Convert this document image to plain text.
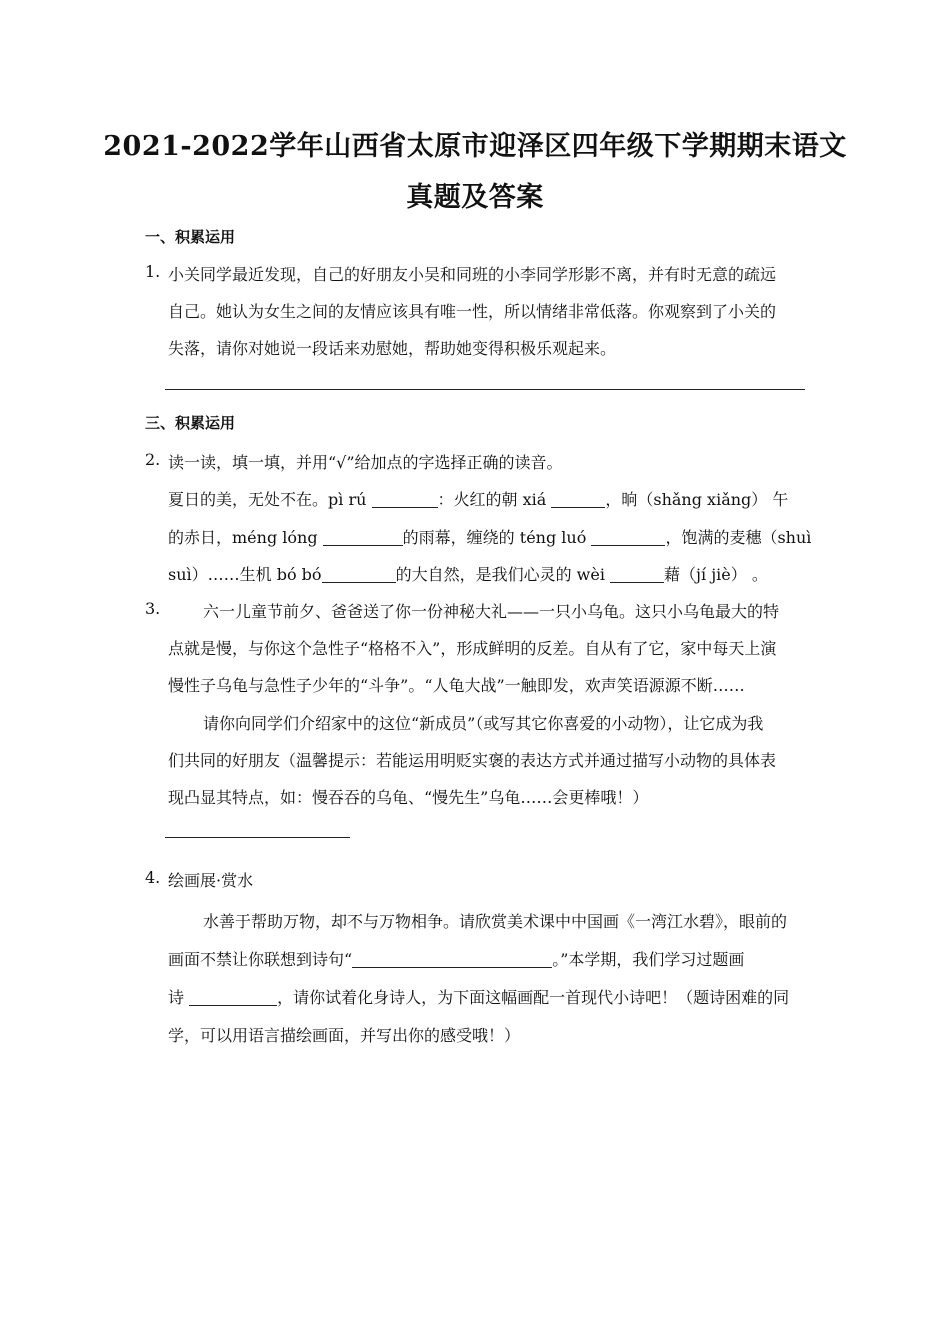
2021-2022学年山西省太原市迎泽区四年级下学期期末语文
真题及答案
一、积累运用
1. 小关同学最近发现，自己的好朋友小吴和同班的小李同学形影不离，并有时无意的疏远
自己。她认为女生之间的友情应该具有唯一性，所以情绪非常低落。你观察到了小关的
失落，请你对她说一段话来劝慰她，帮助她变得积极乐观起来。
三、积累运用
2. 读一读，填一填，并用“√”给加点的字选择正确的读音。
夏日的美，无处不在。pì rú	：火红的朝 xiá	，晌（shǎng xiǎng） 午
的赤日，méng lóng	的雨幕，缠绕的 téng luó	，饱满的麦穗（shuì
suì）……生机 bó bó	的大自然，是我们心灵的 wèi	藉（jí jiè） 。
3.	六一儿童节前夕、爸爸送了你一份神秘大礼——一只小乌龟。这只小乌龟最大的特
点就是慢，与你这个急性子“格格不入”，形成鲜明的反差。自从有了它，家中每天上演
慢性子乌龟与急性子少年的“斗争”。“人龟大战”一触即发，欢声笑语源源不断……
请你向同学们介绍家中的这位“新成员”（或写其它你喜爱的小动物），让它成为我
们共同的好朋友（温馨提示：若能运用明贬实褒的表达方式并通过描写小动物的具体表
现凸显其特点，如：慢吞吞的乌龟、“慢先生”乌龟……会更棒哦！）
4. 绘画展·赏水
水善于帮助万物，却不与万物相争。请欣赏美术课中中国画《一湾江水碧》，眼前的
画面不禁让你联想到诗句“	。”本学期，我们学习过题画
诗	，请你试着化身诗人，为下面这幅画配一首现代小诗吧！（题诗困难的同
学，可以用语言描绘画面，并写出你的感受哦！）
